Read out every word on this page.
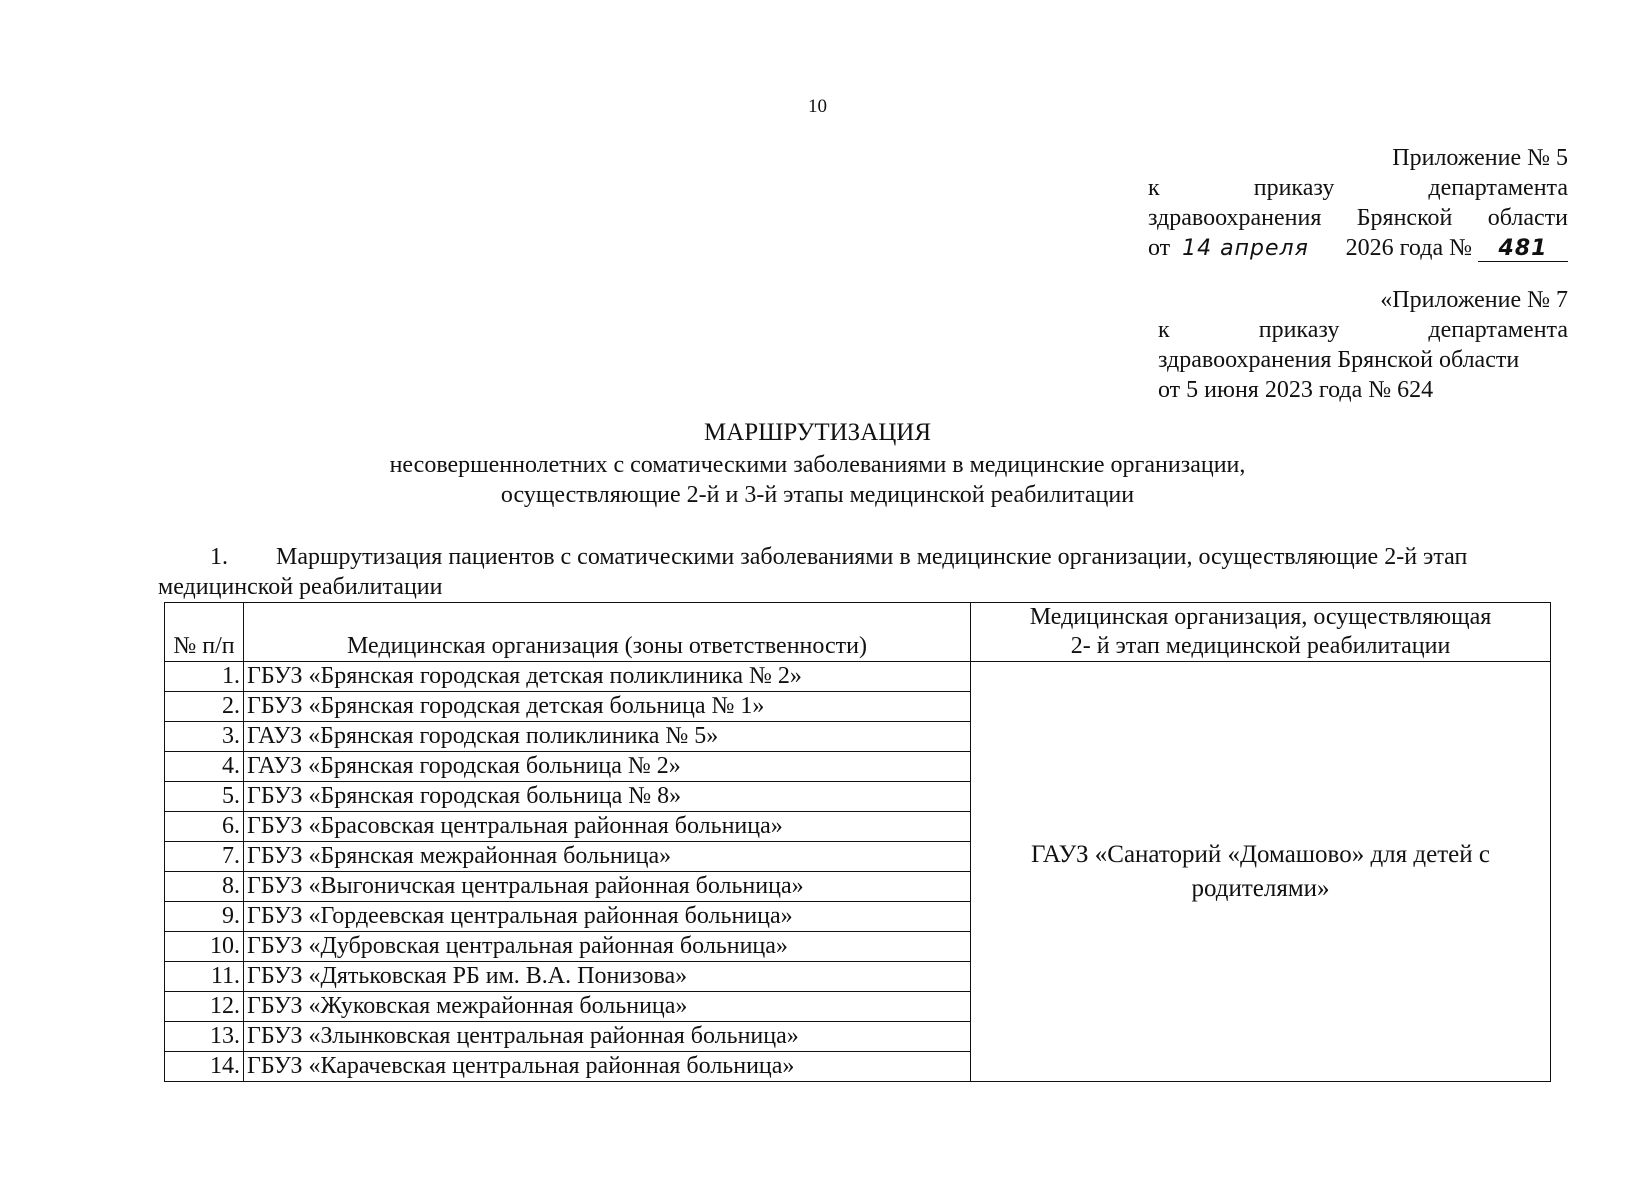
10
Приложение № 5
к	приказу	департамента
здравоохранения Брянской области
от 14 апреля 2026 года № 481
«Приложение № 7
к	приказу	департамента
здравоохранения Брянской области
от 5 июня 2023 года № 624
МАРШРУТИЗАЦИЯ
несовершеннолетних с соматическими заболеваниями в медицинские организации,
осуществляющие 2-й и 3-й этапы медицинской реабилитации
1. Маршрутизация пациентов с соматическими заболеваниями в медицинские организации, осуществляющие 2-й этап медицинской реабилитации
№ п/п	Медицинская организация (зоны ответственности)	Медицинская организация, осуществляющая
2- й этап медицинской реабилитации

1.	ГБУЗ «Брянская городская детская поликлиника № 2»	ГАУЗ «Санаторий «Домашово» для детей с родителями»
2.	ГБУЗ «Брянская городская детская больница № 1»	
3.	ГАУЗ «Брянская городская поликлиника № 5»	
4.	ГАУЗ «Брянская городская больница № 2»	
5.	ГБУЗ «Брянская городская больница № 8»	
6.	ГБУЗ «Брасовская центральная районная больница»	
7.	ГБУЗ «Брянская межрайонная больница»	
8.	ГБУЗ «Выгоничская центральная районная больница»	
9.	ГБУЗ «Гордеевская центральная районная больница»	
10.	ГБУЗ «Дубровская центральная районная больница»	
11.	ГБУЗ «Дятьковская РБ им. В.А. Понизова»	
12.	ГБУЗ «Жуковская межрайонная больница»	
13.	ГБУЗ «Злынковская центральная районная больница»	
14.	ГБУЗ «Карачевская центральная районная больница»	
